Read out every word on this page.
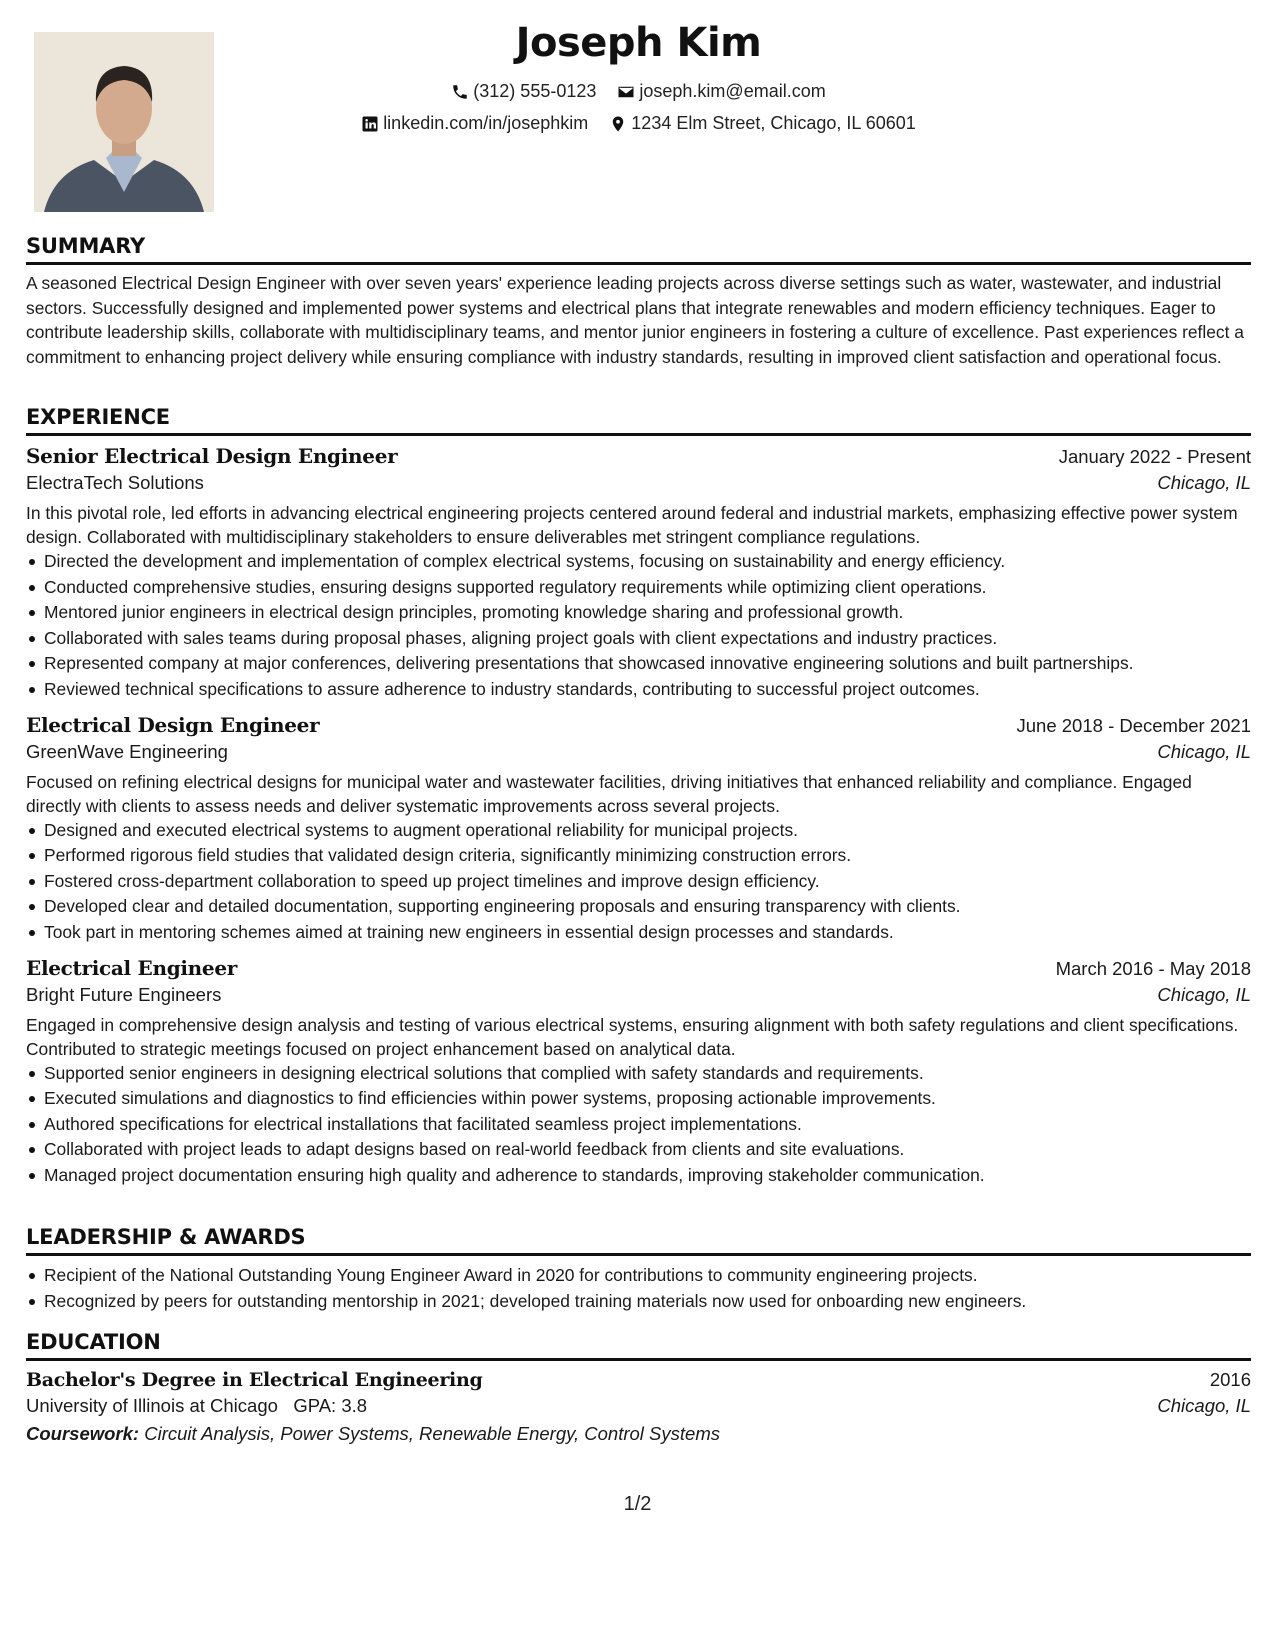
Joseph Kim
(312) 555-0123
joseph.kim@email.com
linkedin.com/in/josephkim
1234 Elm Street, Chicago, IL 60601
SUMMARY
A seasoned Electrical Design Engineer with over seven years' experience leading projects across diverse settings such as water, wastewater, and industrial sectors. Successfully designed and implemented power systems and electrical plans that integrate renewables and modern efficiency techniques. Eager to contribute leadership skills, collaborate with multidisciplinary teams, and mentor junior engineers in fostering a culture of excellence. Past experiences reflect a commitment to enhancing project delivery while ensuring compliance with industry standards, resulting in improved client satisfaction and operational focus.
EXPERIENCE
Senior Electrical Design Engineer	January 2022 - Present
ElectraTech Solutions	Chicago, IL
In this pivotal role, led efforts in advancing electrical engineering projects centered around federal and industrial markets, emphasizing effective power system design. Collaborated with multidisciplinary stakeholders to ensure deliverables met stringent compliance regulations.
Directed the development and implementation of complex electrical systems, focusing on sustainability and energy efficiency.
Conducted comprehensive studies, ensuring designs supported regulatory requirements while optimizing client operations.
Mentored junior engineers in electrical design principles, promoting knowledge sharing and professional growth.
Collaborated with sales teams during proposal phases, aligning project goals with client expectations and industry practices.
Represented company at major conferences, delivering presentations that showcased innovative engineering solutions and built partnerships.
Reviewed technical specifications to assure adherence to industry standards, contributing to successful project outcomes.
Electrical Design Engineer	June 2018 - December 2021
GreenWave Engineering	Chicago, IL
Focused on refining electrical designs for municipal water and wastewater facilities, driving initiatives that enhanced reliability and compliance. Engaged directly with clients to assess needs and deliver systematic improvements across several projects.
Designed and executed electrical systems to augment operational reliability for municipal projects.
Performed rigorous field studies that validated design criteria, significantly minimizing construction errors.
Fostered cross-department collaboration to speed up project timelines and improve design efficiency.
Developed clear and detailed documentation, supporting engineering proposals and ensuring transparency with clients.
Took part in mentoring schemes aimed at training new engineers in essential design processes and standards.
Electrical Engineer	March 2016 - May 2018
Bright Future Engineers	Chicago, IL
Engaged in comprehensive design analysis and testing of various electrical systems, ensuring alignment with both safety regulations and client specifications. Contributed to strategic meetings focused on project enhancement based on analytical data.
Supported senior engineers in designing electrical solutions that complied with safety standards and requirements.
Executed simulations and diagnostics to find efficiencies within power systems, proposing actionable improvements.
Authored specifications for electrical installations that facilitated seamless project implementations.
Collaborated with project leads to adapt designs based on real-world feedback from clients and site evaluations.
Managed project documentation ensuring high quality and adherence to standards, improving stakeholder communication.
LEADERSHIP & AWARDS
Recipient of the National Outstanding Young Engineer Award in 2020 for contributions to community engineering projects.
Recognized by peers for outstanding mentorship in 2021; developed training materials now used for onboarding new engineers.
EDUCATION
Bachelor's Degree in Electrical Engineering	2016
University of Illinois at Chicago GPA: 3.8	Chicago, IL
Coursework: Circuit Analysis, Power Systems, Renewable Energy, Control Systems
1/2
